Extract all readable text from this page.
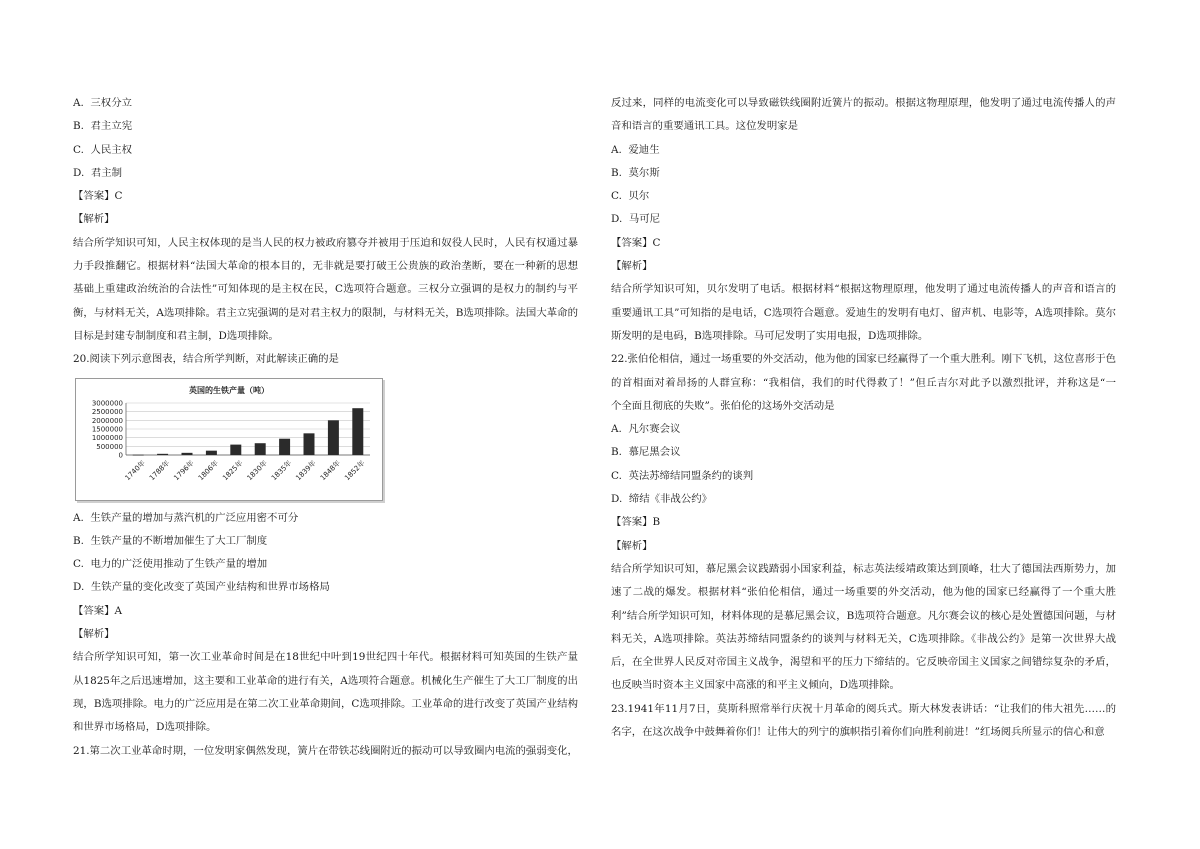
A.  三权分立
B.  君主立宪
C.  人民主权
D.  君主制
【答案】C
【解析】
结合所学知识可知，人民主权体现的是当人民的权力被政府篡夺并被用于压迫和奴役人民时，人民有权通过暴
力手段推翻它。根据材料“法国大革命的根本目的，无非就是要打破王公贵族的政治垄断，要在一种新的思想
基础上重建政治统治的合法性”可知体现的是主权在民，C选项符合题意。三权分立强调的是权力的制约与平
衡，与材料无关，A选项排除。君主立宪强调的是对君主权力的限制，与材料无关，B选项排除。法国大革命的
目标是封建专制制度和君主制，D选项排除。
20.阅读下列示意图表，结合所学判断，对此解读正确的是
英国的生铁产量（吨）
0
500000
1000000
1500000
2000000
2500000
3000000
1740年 1788年 1796年 1806年 1825年 1830年 1835年 1839年 1848年 1852年
A.  生铁产量的增加与蒸汽机的广泛应用密不可分
B.  生铁产量的不断增加催生了大工厂制度
C.  电力的广泛使用推动了生铁产量的增加
D.  生铁产量的变化改变了英国产业结构和世界市场格局
【答案】A
【解析】
结合所学知识可知，第一次工业革命时间是在18世纪中叶到19世纪四十年代。根据材料可知英国的生铁产量
从1825年之后迅速增加，这主要和工业革命的进行有关，A选项符合题意。机械化生产催生了大工厂制度的出
现，B选项排除。电力的广泛应用是在第二次工业革命期间，C选项排除。工业革命的进行改变了英国产业结构
和世界市场格局，D选项排除。
21.第二次工业革命时期，一位发明家偶然发现，簧片在带铁芯线圈附近的振动可以导致圈内电流的强弱变化，
反过来，同样的电流变化可以导致磁铁线圈附近簧片的振动。根据这物理原理，他发明了通过电流传播人的声
音和语言的重要通讯工具。这位发明家是
A.  爱迪生
B.  莫尔斯
C.  贝尔
D.  马可尼
【答案】C
【解析】
结合所学知识可知，贝尔发明了电话。根据材料“根据这物理原理，他发明了通过电流传播人的声音和语言的
重要通讯工具”可知指的是电话，C选项符合题意。爱迪生的发明有电灯、留声机、电影等，A选项排除。莫尔
斯发明的是电码，B选项排除。马可尼发明了实用电报，D选项排除。
22.张伯伦相信，通过一场重要的外交活动，他为他的国家已经赢得了一个重大胜利。刚下飞机，这位喜形于色
的首相面对着昂扬的人群宣称：“我相信，我们的时代得救了！”但丘吉尔对此予以激烈批评，并称这是“一
个全面且彻底的失败”。张伯伦的这场外交活动是
A.  凡尔赛会议
B.  慕尼黑会议
C.  英法苏缔结同盟条约的谈判
D.  缔结《非战公约》
【答案】B
【解析】
结合所学知识可知，慕尼黑会议践踏弱小国家利益，标志英法绥靖政策达到顶峰，壮大了德国法西斯势力，加
速了二战的爆发。根据材料“张伯伦相信，通过一场重要的外交活动，他为他的国家已经赢得了一个重大胜
利”结合所学知识可知，材料体现的是慕尼黑会议，B选项符合题意。凡尔赛会议的核心是处置德国问题，与材
料无关，A选项排除。英法苏缔结同盟条约的谈判与材料无关，C选项排除。《非战公约》是第一次世界大战
后，在全世界人民反对帝国主义战争，渴望和平的压力下缔结的。它反映帝国主义国家之间错综复杂的矛盾，
也反映当时资本主义国家中高涨的和平主义倾向，D选项排除。
23.1941年11月7日，莫斯科照常举行庆祝十月革命的阅兵式。斯大林发表讲话：“让我们的伟大祖先……的
名字，在这次战争中鼓舞着你们！让伟大的列宁的旗帜指引着你们向胜利前进！”红场阅兵所显示的信心和意
